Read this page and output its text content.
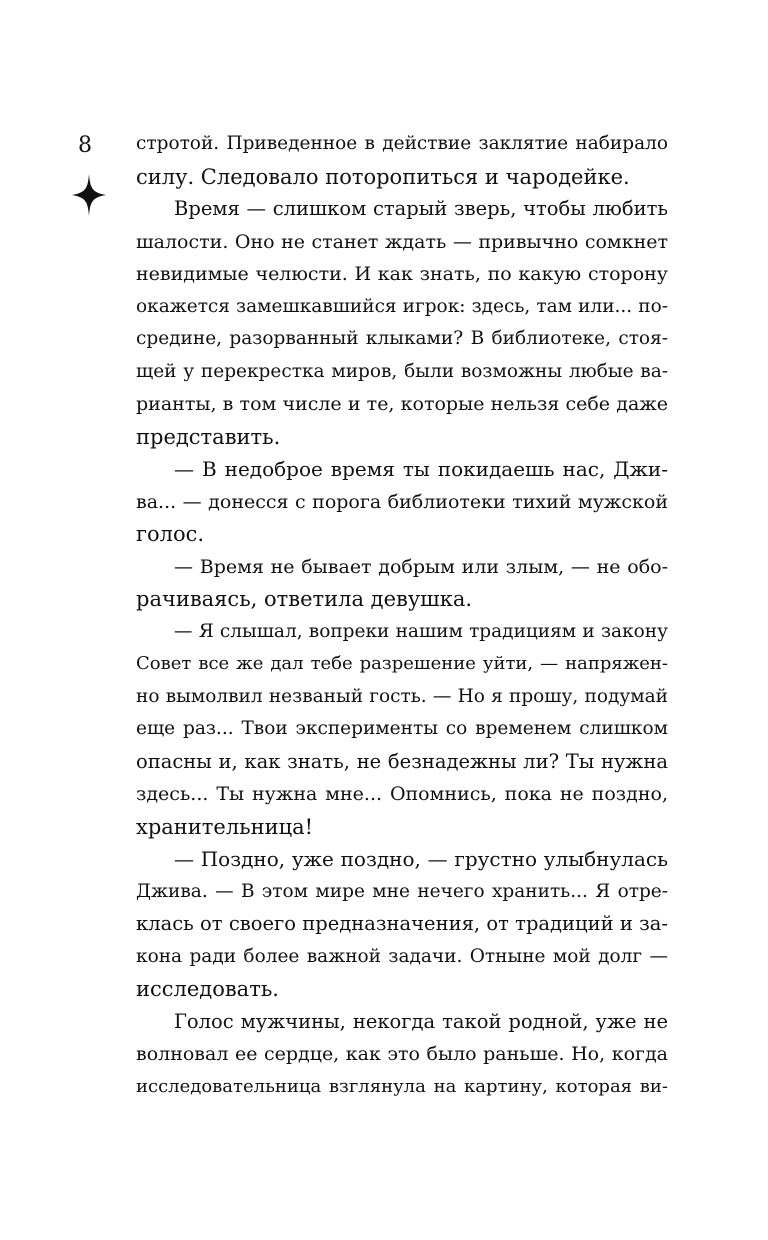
8 стротой. Приведенное в действие заклятие набирало
силу. Следовало поторопиться и чародейке.
Время — слишком старый зверь, чтобы любить
шалости. Оно не станет ждать — привычно сомкнет
невидимые челюсти. И как знать, по какую сторону
окажется замешкавшийся игрок: здесь, там или... по-
средине, разорванный клыками? В библиотеке, стоя-
щей у перекрестка миров, были возможны любые ва-
рианты, в том числе и те, которые нельзя себе даже
представить.
— В недоброе время ты покидаешь нас, Джи-
ва... — донесся с порога библиотеки тихий мужской
голос.
— Время не бывает добрым или злым, — не обо-
рачиваясь, ответила девушка.
— Я слышал, вопреки нашим традициям и закону
Совет все же дал тебе разрешение уйти, — напряжен-
но вымолвил незваный гость. — Но я прошу, подумай
еще раз... Твои эксперименты со временем слишком
опасны и, как знать, не безнадежны ли? Ты нужна
здесь... Ты нужна мне... Опомнись, пока не поздно,
хранительница!
— Поздно, уже поздно, — грустно улыбнулась
Джива. — В этом мире мне нечего хранить... Я отре-
клась от своего предназначения, от традиций и за-
кона ради более важной задачи. Отныне мой долг —
исследовать.
Голос мужчины, некогда такой родной, уже не
волновал ее сердце, как это было раньше. Но, когда
исследовательница взглянула на картину, которая ви-
